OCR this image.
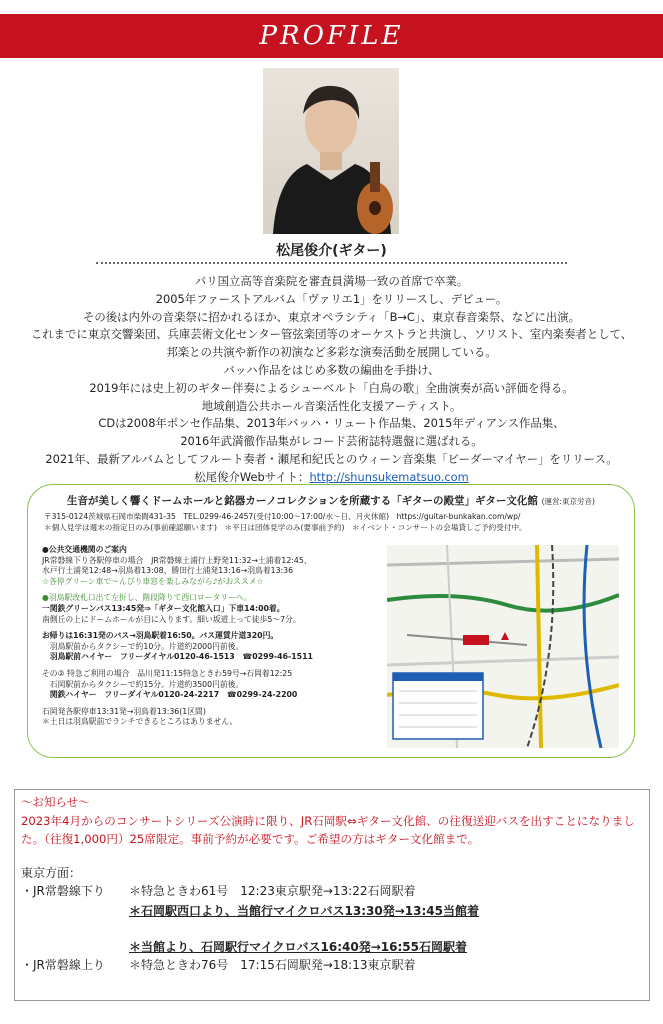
PROFILE
松尾俊介(ギター)
パリ国立高等音楽院を審査員満場一致の首席で卒業。
2005年ファーストアルバム「ヴァリエ1」をリリースし、デビュー。
その後は内外の音楽祭に招かれるほか、東京オペラシティ「B→C」、東京春音楽祭、などに出演。
これまでに東京交響楽団、兵庫芸術文化センター管弦楽団等のオーケストラと共演し、ソリスト、室内楽奏者として、
邦楽との共演や新作の初演など多彩な演奏活動を展開している。
バッハ作品をはじめ多数の編曲を手掛け、
2019年には史上初のギター伴奏によるシューベルト「白鳥の歌」全曲演奏が高い評価を得る。
地域創造公共ホール音楽活性化支援アーティスト。
CDは2008年ポンセ作品集、2013年バッハ・リュート作品集、2015年ディアンス作品集、
2016年武満徹作品集がレコード芸術誌特選盤に選ばれる。
2021年、最新アルバムとしてフルート奏者・瀬尾和紀氏とのウィーン音楽集「ビーダーマイヤー」をリリース。
松尾俊介Webサイト：http://shunsukematsuo.com
生音が美しく響くドームホールと銘器カーノコレクションを所蔵する「ギターの殿堂」ギター文化館 (運営:東京労音)
〒315-0124茨城県石岡市柴間431-35　TEL.0299-46-2457(受付10:00〜17:00/水〜日、月火休館)　https://guitar-bunkakan.com/wp/
＊個人見学は週末の指定日のみ(事前確認願います)　＊平日は団体見学のみ(要事前予約)　＊イベント・コンサートの会場貸しご予約受付中。

●公共交通機関のご案内

JR常磐線下り各駅停車の場合　JR常磐線土浦行上野発11:32→土浦着12:45、

水戸行土浦発12:48→羽鳥着13:08、勝田行土浦発13:16→羽鳥着13:36

☆各停グリーン車で〜んびり車窓を楽しみながら♪がおススメ☆

●羽鳥駅改札口出て左折し、階段降りて西口ロータリーへ。

一関鉄グリーンバス13:45発⇒「ギター文化館入口」下車14:00着。

南側丘の上にドームホールが目に入ります。細い坂道上って徒歩5〜7分。

お帰りは16:31発のバス→羽鳥駅着16:50。バス運賃片道320円。

　羽鳥駅前からタクシーで約10分。片道約2000円前後。

　羽鳥駅前ハイヤー　フリーダイヤル0120-46-1513　☎0299-46-1511

その② 特急ご利用の場合　品川発11:15特急ときわ59号→石岡着12:25

　石岡駅前からタクシーで約15分。片道約3500円前後。

　関鉄ハイヤー　フリーダイヤル0120-24-2217　☎0299-24-2200

石岡発各駅停車13:31発→羽鳥着13:36(1区間)

＊土日は羽鳥駅前でランチできるところはありません。

〜お知らせ〜
2023年4月からのコンサートシリーズ公演時に限り、JR石岡駅⇔ギター文化館、の往復送迎バスを出すことになりました。（往復1,000円）25席限定。事前予約が必要です。ご希望の方はギター文化館まで。
東京方面：
・JR常磐線下り ＊特急ときわ61号　12:23東京駅発→13:22石岡駅着
＊石岡駅西口より、当館行マイクロバス13:30発→13:45当館着
＊当館より、石岡駅行マイクロバス16:40発→16:55石岡駅着
・JR常磐線上り ＊特急ときわ76号　17:15石岡駅発→18:13東京駅着
